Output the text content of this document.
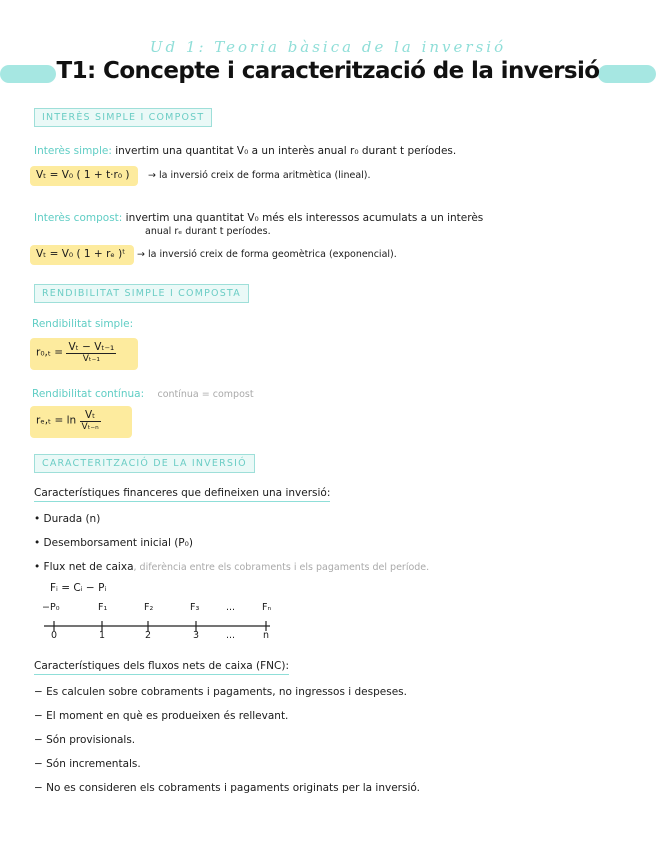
Ud 1: Teoria bàsica de la inversió
T1: Concepte i caracterització de la inversió
INTERÈS SIMPLE I COMPOST
Interès simple: invertim una quantitat V₀ a un interès anual r₀ durant t períodes.
Vₜ = V₀ ( 1 + t·r₀ ) → la inversió creix de forma aritmètica (lineal).
Interès compost: invertim una quantitat V₀ més els interessos acumulats a un interès
anual rₑ durant t períodes.
Vₜ = V₀ ( 1 + rₑ )ᵗ → la inversió creix de forma geomètrica (exponencial).
RENDIBILITAT SIMPLE I COMPOSTA
Rendibilitat simple:
$r_0,_t = \frac{\text{Vₜ − Vₜ₋₁}}{\text{Vₜ₋₁}}$
Rendibilitat contínua: contínua = compost
$r_e,_t = \ln \frac{\text{Vₜ}}{\text{Vₜ₋ₙ}}$
CARACTERITZACIÓ DE LA INVERSIÓ
Característiques financeres que defineixen una inversió:
• Durada (n)
• Desemborsament inicial (P₀)
• Flux net de caixa, diferència entre els cobraments i els pagaments del període.
Fᵢ = Cᵢ − Pᵢ
−P₀	F₁	F₂	F₃	...	Fₙ
0	1	2	3	...	n
Característiques dels fluxos nets de caixa (FNC):
− Es calculen sobre cobraments i pagaments, no ingressos i despeses.
− El moment en què es produeixen és rellevant.
− Són provisionals.
− Són incrementals.
− No es consideren els cobraments i pagaments originats per la inversió.
